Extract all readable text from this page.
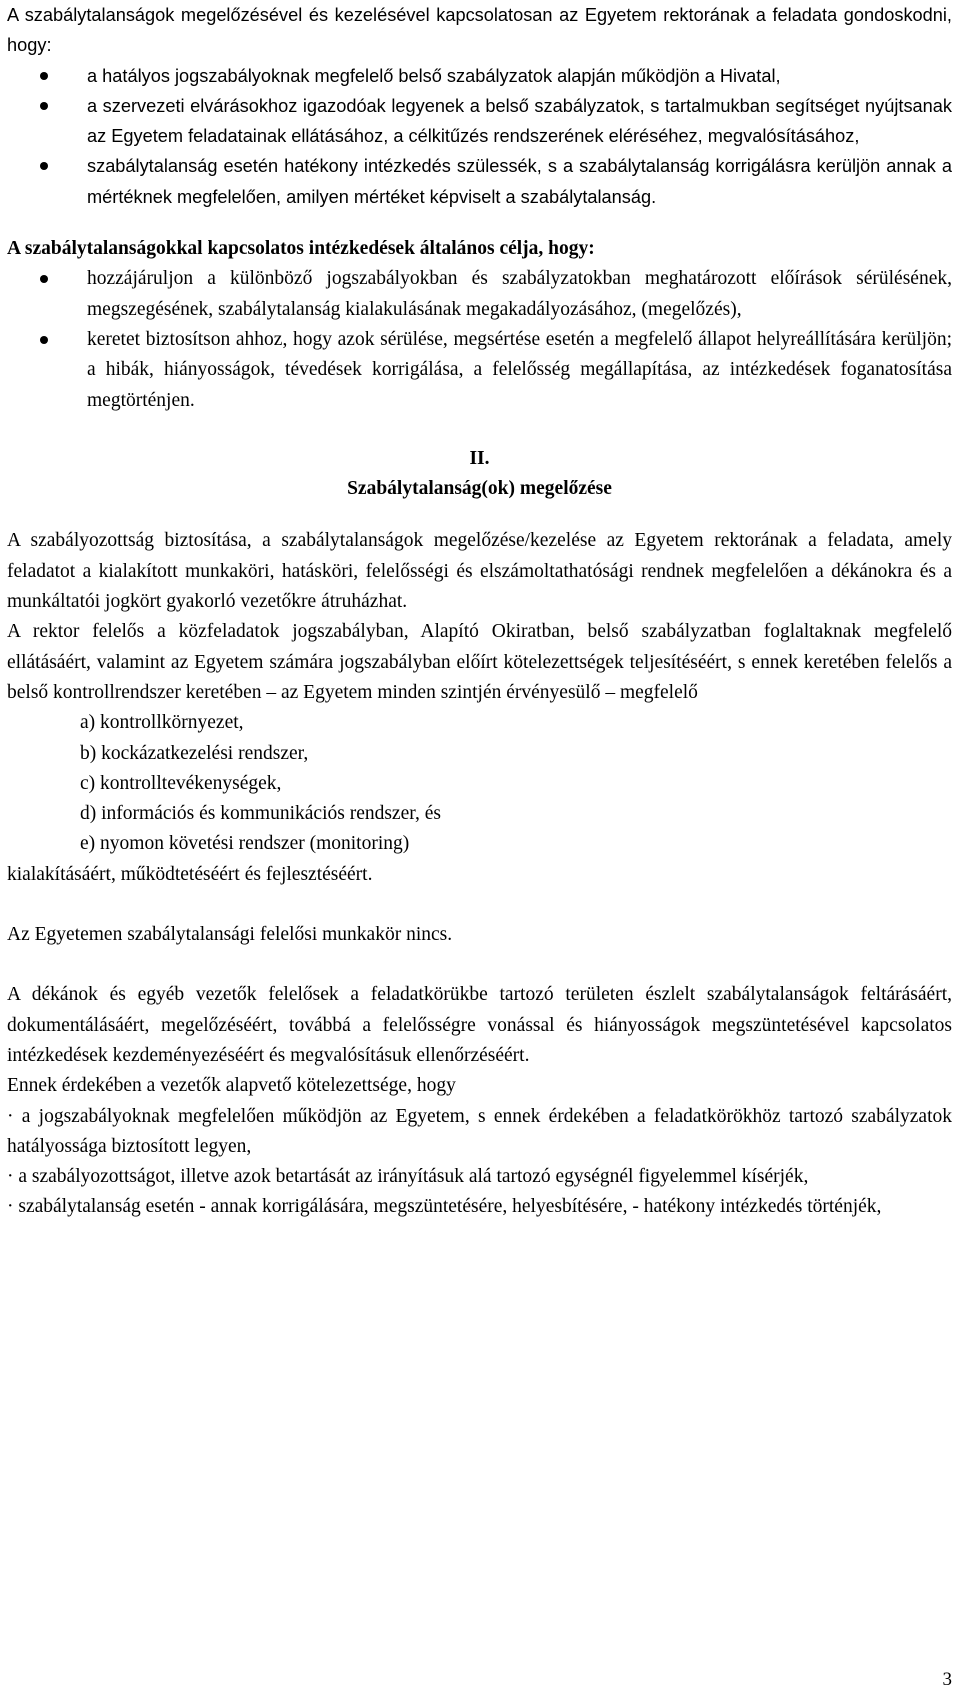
A szabálytalanságok megelőzésével és kezelésével kapcsolatosan az Egyetem rektorának a feladata gondoskodni, hogy:

a hatályos jogszabályoknak megfelelő belső szabályzatok alapján működjön a Hivatal,
a szervezeti elvárásokhoz igazodóak legyenek a belső szabályzatok, s tartalmukban segítséget nyújtsanak az Egyetem feladatainak ellátásához, a célkitűzés rendszerének eléréséhez, megvalósításához,
szabálytalanság esetén hatékony intézkedés szülessék, s a szabálytalanság korrigálásra kerüljön annak a mértéknek megfelelően, amilyen mértéket képviselt a szabálytalanság.

A szabálytalanságokkal kapcsolatos intézkedések általános célja, hogy:

hozzájáruljon a különböző jogszabályokban és szabályzatokban meghatározott előírások sérülésének, megszegésének, szabálytalanság kialakulásának megakadályozásához, (megelőzés),
keretet biztosítson ahhoz, hogy azok sérülése, megsértése esetén a megfelelő állapot helyreállítására kerüljön; a hibák, hiányosságok, tévedések korrigálása, a felelősség megállapítása, az intézkedések foganatosítása megtörténjen.

II.

Szabálytalanság(ok) megelőzése

A szabályozottság biztosítása, a szabálytalanságok megelőzése/kezelése az Egyetem rektorának a feladata, amely feladatot a kialakított munkaköri, hatásköri, felelősségi és elszámoltathatósági rendnek megfelelően a dékánokra és a munkáltatói jogkört gyakorló vezetőkre átruházhat.

A rektor felelős a közfeladatok jogszabályban, Alapító Okiratban, belső szabályzatban foglaltaknak megfelelő ellátásáért, valamint az Egyetem számára jogszabályban előírt kötelezettségek teljesítéséért, s ennek keretében felelős a belső kontrollrendszer keretében – az Egyetem minden szintjén érvényesülő – megfelelő

a) kontrollkörnyezet,

b) kockázatkezelési rendszer,

c) kontrolltevékenységek,

d) információs és kommunikációs rendszer, és

e) nyomon követési rendszer (monitoring)

kialakításáért, működtetéséért és fejlesztéséért.

Az Egyetemen szabálytalansági felelősi munkakör nincs.

A dékánok és egyéb vezetők felelősek a feladatkörükbe tartozó területen észlelt szabálytalanságok feltárásáért, dokumentálásáért, megelőzéséért, továbbá a felelősségre vonással és hiányosságok megszüntetésével kapcsolatos intézkedések kezdeményezéséért és megvalósításuk ellenőrzéséért.

Ennek érdekében a vezetők alapvető kötelezettsége, hogy

· a jogszabályoknak megfelelően működjön az Egyetem, s ennek érdekében a feladatkörökhöz tartozó szabályzatok hatályossága biztosított legyen,

· a szabályozottságot, illetve azok betartását az irányításuk alá tartozó egységnél figyelemmel kísérjék,

· szabálytalanság esetén - annak korrigálására, megszüntetésére, helyesbítésére, - hatékony intézkedés történjék,

3
